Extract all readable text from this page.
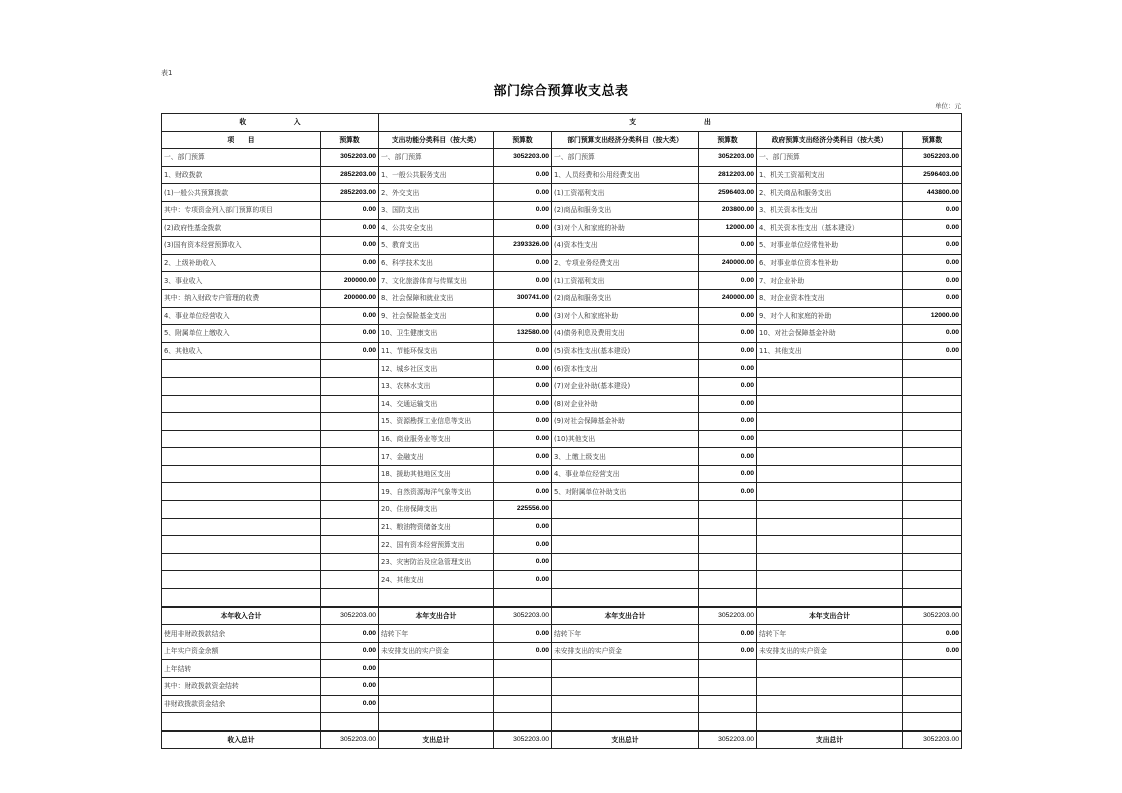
表1
部门综合预算收支总表
单位：元
收　　　　　　　入		支　　　　　　　　　　出					
项　　目	预算数	支出功能分类科目（按大类）	预算数	部门预算支出经济分类科目（按大类）	预算数	政府预算支出经济分类科目（按大类）	预算数
一、部门预算	3052203.00	一、部门预算	3052203.00	一、部门预算	3052203.00	一、部门预算	3052203.00
1、财政拨款	2852203.00	1、一般公共服务支出	0.00	1、人员经费和公用经费支出	2812203.00	1、机关工资福利支出	2596403.00
(1)一般公共预算拨款	2852203.00	2、外交支出	0.00	(1)工资福利支出	2596403.00	2、机关商品和服务支出	443800.00
其中：专项资金列入部门预算的项目	0.00	3、国防支出	0.00	(2)商品和服务支出	203800.00	3、机关资本性支出	0.00
(2)政府性基金拨款	0.00	4、公共安全支出	0.00	(3)对个人和家庭的补助	12000.00	4、机关资本性支出（基本建设）	0.00
(3)国有资本经营预算收入	0.00	5、教育支出	2393326.00	(4)资本性支出	0.00	5、对事业单位经常性补助	0.00
2、上级补助收入	0.00	6、科学技术支出	0.00	2、专项业务经费支出	240000.00	6、对事业单位资本性补助	0.00
3、事业收入	200000.00	7、文化旅游体育与传媒支出	0.00	(1)工资福利支出	0.00	7、对企业补助	0.00
其中：纳入财政专户管理的收费	200000.00	8、社会保障和就业支出	300741.00	(2)商品和服务支出	240000.00	8、对企业资本性支出	0.00
4、事业单位经营收入	0.00	9、社会保险基金支出	0.00	(3)对个人和家庭补助	0.00	9、对个人和家庭的补助	12000.00
5、附属单位上缴收入	0.00	10、卫生健康支出	132580.00	(4)债务利息及费用支出	0.00	10、对社会保障基金补助	0.00
6、其他收入	0.00	11、节能环保支出	0.00	(5)资本性支出(基本建设)	0.00	11、其他支出	0.00
		12、城乡社区支出	0.00	(6)资本性支出	0.00		
		13、农林水支出	0.00	(7)对企业补助(基本建设)	0.00		
		14、交通运输支出	0.00	(8)对企业补助	0.00		
		15、资源勘探工业信息等支出	0.00	(9)对社会保障基金补助	0.00		
		16、商业服务业等支出	0.00	(10)其他支出	0.00		
		17、金融支出	0.00	3、上缴上级支出	0.00		
		18、援助其他地区支出	0.00	4、事业单位经营支出	0.00		
		19、自然资源海洋气象等支出	0.00	5、对附属单位补助支出	0.00		
		20、住房保障支出	225556.00				
		21、粮油物资储备支出	0.00				
		22、国有资本经营预算支出	0.00				
		23、灾害防治及应急管理支出	0.00				
		24、其他支出	0.00				

本年收入合计	3052203.00	本年支出合计	3052203.00	本年支出合计	3052203.00	本年支出合计	3052203.00
使用非财政拨款结余	0.00	结转下年	0.00	结转下年	0.00	结转下年	0.00
上年实户资金余额	0.00	未安排支出的实户资金	0.00	未安排支出的实户资金	0.00	未安排支出的实户资金	0.00
上年结转	0.00						
其中：财政拨款资金结转	0.00						
非财政拨款资金结余	0.00						

收入总计	3052203.00	支出总计	3052203.00	支出总计	3052203.00	支出总计	3052203.00
